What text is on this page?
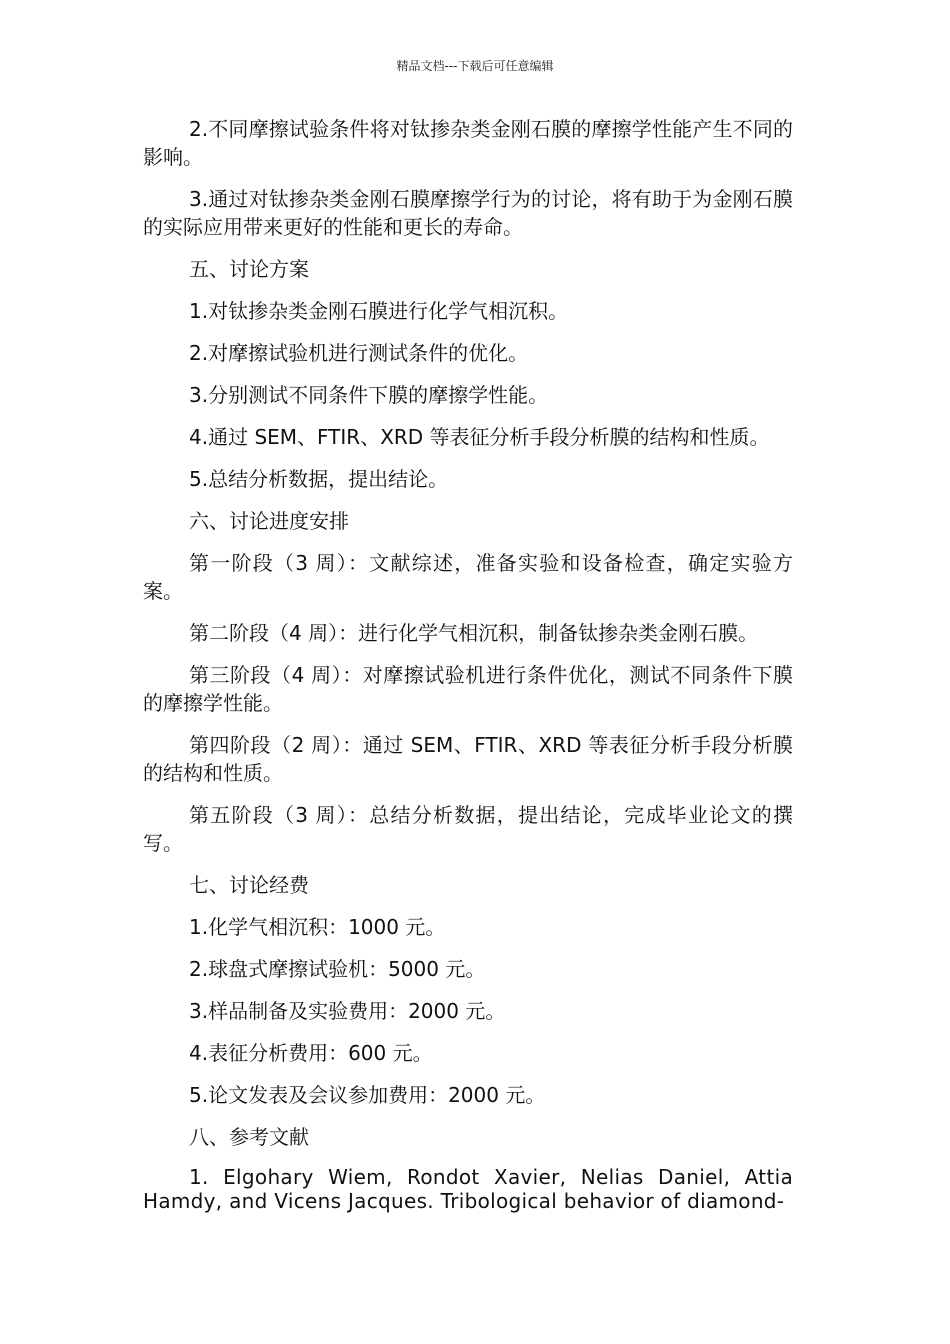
精品文档---下载后可任意编辑

2.不同摩擦试验条件将对钛掺杂类金刚石膜的摩擦学性能产生不同的影响。

3.通过对钛掺杂类金刚石膜摩擦学行为的讨论，将有助于为金刚石膜的实际应用带来更好的性能和更长的寿命。

五、讨论方案

1.对钛掺杂类金刚石膜进行化学气相沉积。

2.对摩擦试验机进行测试条件的优化。

3.分别测试不同条件下膜的摩擦学性能。

4.通过 SEM、FTIR、XRD 等表征分析手段分析膜的结构和性质。

5.总结分析数据，提出结论。

六、讨论进度安排

第一阶段（3 周）：文献综述，准备实验和设备检查，确定实验方案。

第二阶段（4 周）：进行化学气相沉积，制备钛掺杂类金刚石膜。

第三阶段（4 周）：对摩擦试验机进行条件优化，测试不同条件下膜的摩擦学性能。

第四阶段（2 周）：通过 SEM、FTIR、XRD 等表征分析手段分析膜的结构和性质。

第五阶段（3 周）：总结分析数据，提出结论，完成毕业论文的撰写。

七、讨论经费

1.化学气相沉积：1000 元。

2.球盘式摩擦试验机：5000 元。

3.样品制备及实验费用：2000 元。

4.表征分析费用：600 元。

5.论文发表及会议参加费用：2000 元。

八、参考文献

1. Elgohary Wiem, Rondot Xavier, Nelias Daniel, Attia Hamdy, and Vicens Jacques. Tribological behavior of diamond-
